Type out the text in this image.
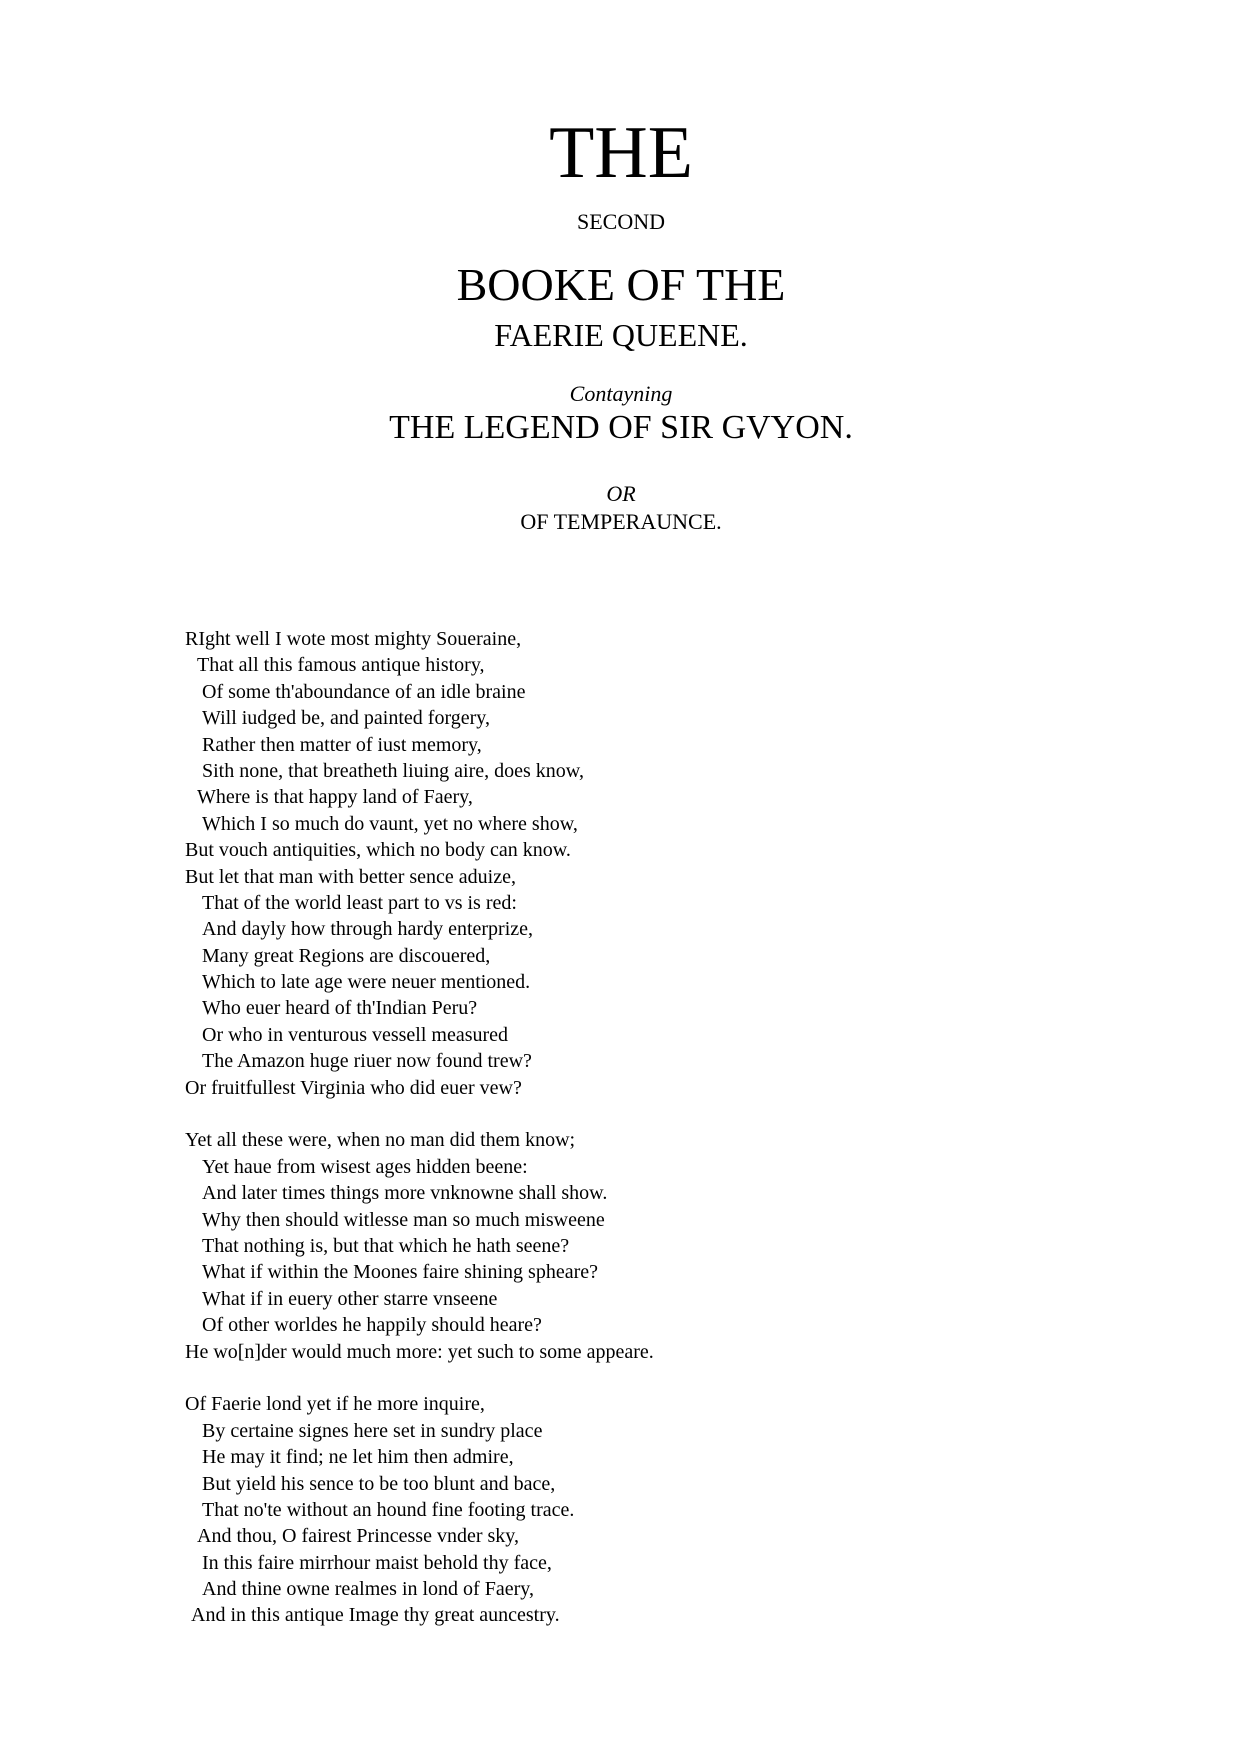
THE
SECOND
BOOKE OF THE
FAERIE QUEENE.
Contayning
THE LEGEND OF SIR GVYON.
OR
OF TEMPERAUNCE.
RIght well I wote most mighty Soueraine,
That all this famous antique history,
Of some th'aboundance of an idle braine
Will iudged be, and painted forgery,
Rather then matter of iust memory,
Sith none, that breatheth liuing aire, does know,
Where is that happy land of Faery,
Which I so much do vaunt, yet no where show,
But vouch antiquities, which no body can know.
But let that man with better sence aduize,
That of the world least part to vs is red:
And dayly how through hardy enterprize,
Many great Regions are discouered,
Which to late age were neuer mentioned.
Who euer heard of th'Indian Peru?
Or who in venturous vessell measured
The Amazon huge riuer now found trew?
Or fruitfullest Virginia who did euer vew?
Yet all these were, when no man did them know;
Yet haue from wisest ages hidden beene:
And later times things more vnknowne shall show.
Why then should witlesse man so much misweene
That nothing is, but that which he hath seene?
What if within the Moones faire shining spheare?
What if in euery other starre vnseene
Of other worldes he happily should heare?
He wo[n]der would much more: yet such to some appeare.
Of Faerie lond yet if he more inquire,
By certaine signes here set in sundry place
He may it find; ne let him then admire,
But yield his sence to be too blunt and bace,
That no'te without an hound fine footing trace.
And thou, O fairest Princesse vnder sky,
In this faire mirrhour maist behold thy face,
And thine owne realmes in lond of Faery,
And in this antique Image thy great auncestry.
